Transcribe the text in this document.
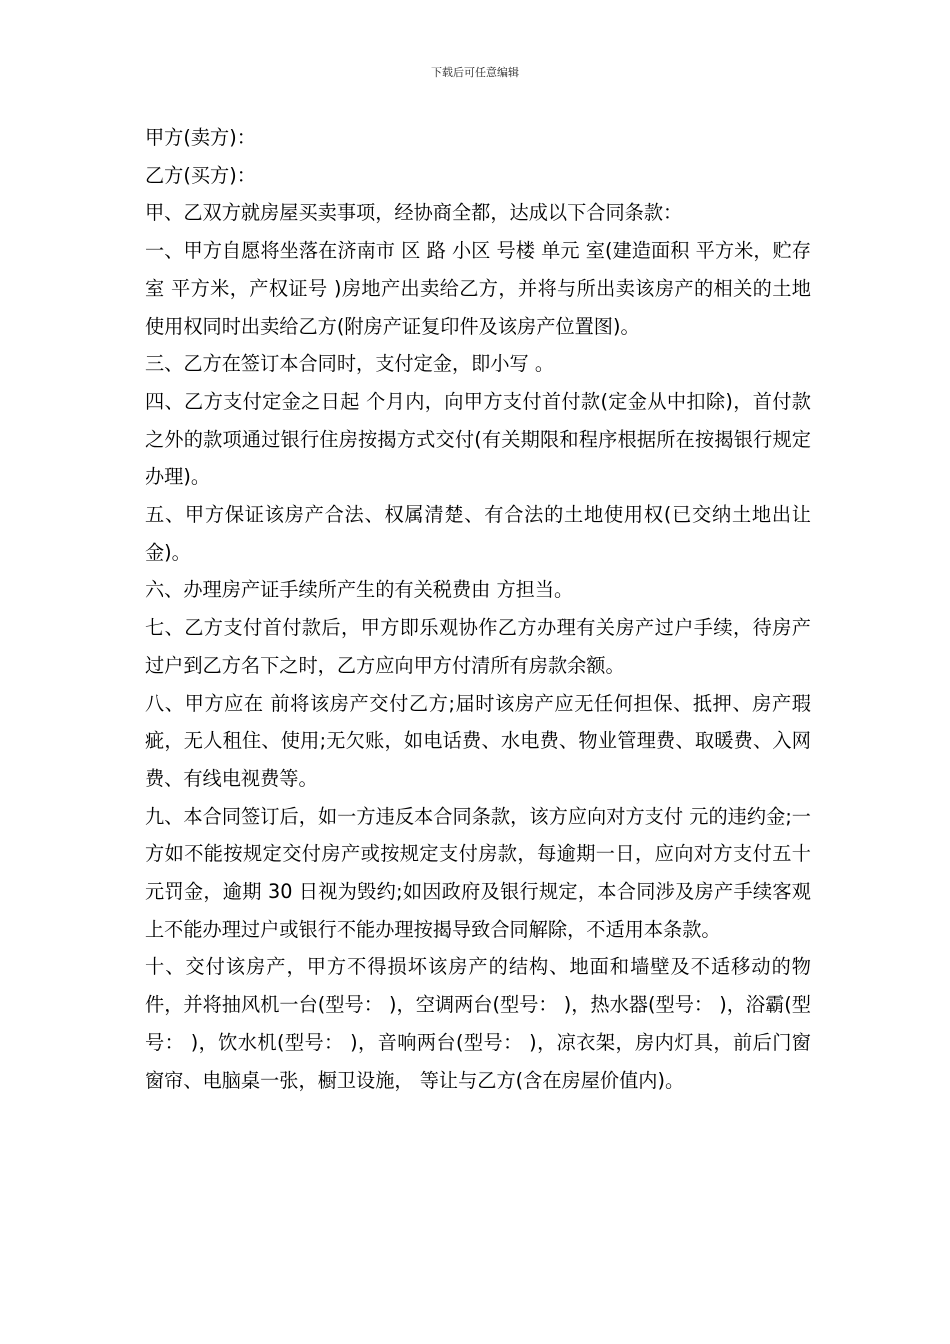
下载后可任意编辑

甲方(卖方)：

乙方(买方)：

甲、乙双方就房屋买卖事项，经协商全都，达成以下合同条款：

一、甲方自愿将坐落在济南市 区 路 小区 号楼 单元 室(建造面积 平方米，贮存室 平方米，产权证号 )房地产出卖给乙方，并将与所出卖该房产的相关的土地使用权同时出卖给乙方(附房产证复印件及该房产位置图)。

三、乙方在签订本合同时，支付定金，即小写 。

四、乙方支付定金之日起 个月内，向甲方支付首付款(定金从中扣除)，首付款之外的款项通过银行住房按揭方式交付(有关期限和程序根据所在按揭银行规定办理)。

五、甲方保证该房产合法、权属清楚、有合法的土地使用权(已交纳土地出让金)。

六、办理房产证手续所产生的有关税费由 方担当。

七、乙方支付首付款后，甲方即乐观协作乙方办理有关房产过户手续，待房产过户到乙方名下之时，乙方应向甲方付清所有房款余额。

八、甲方应在 前将该房产交付乙方;届时该房产应无任何担保、抵押、房产瑕疵，无人租住、使用;无欠账，如电话费、水电费、物业管理费、取暖费、入网费、有线电视费等。

九、本合同签订后，如一方违反本合同条款，该方应向对方支付 元的违约金;一方如不能按规定交付房产或按规定支付房款，每逾期一日，应向对方支付五十元罚金，逾期 30 日视为毁约;如因政府及银行规定，本合同涉及房产手续客观上不能办理过户或银行不能办理按揭导致合同解除，不适用本条款。

十、交付该房产，甲方不得损坏该房产的结构、地面和墙壁及不适移动的物件，并将抽风机一台(型号： )，空调两台(型号： )，热水器(型号： )，浴霸(型号： )，饮水机(型号： )，音响两台(型号： )，凉衣架，房内灯具，前后门窗窗帘、电脑桌一张，橱卫设施， 等让与乙方(含在房屋价值内)。
